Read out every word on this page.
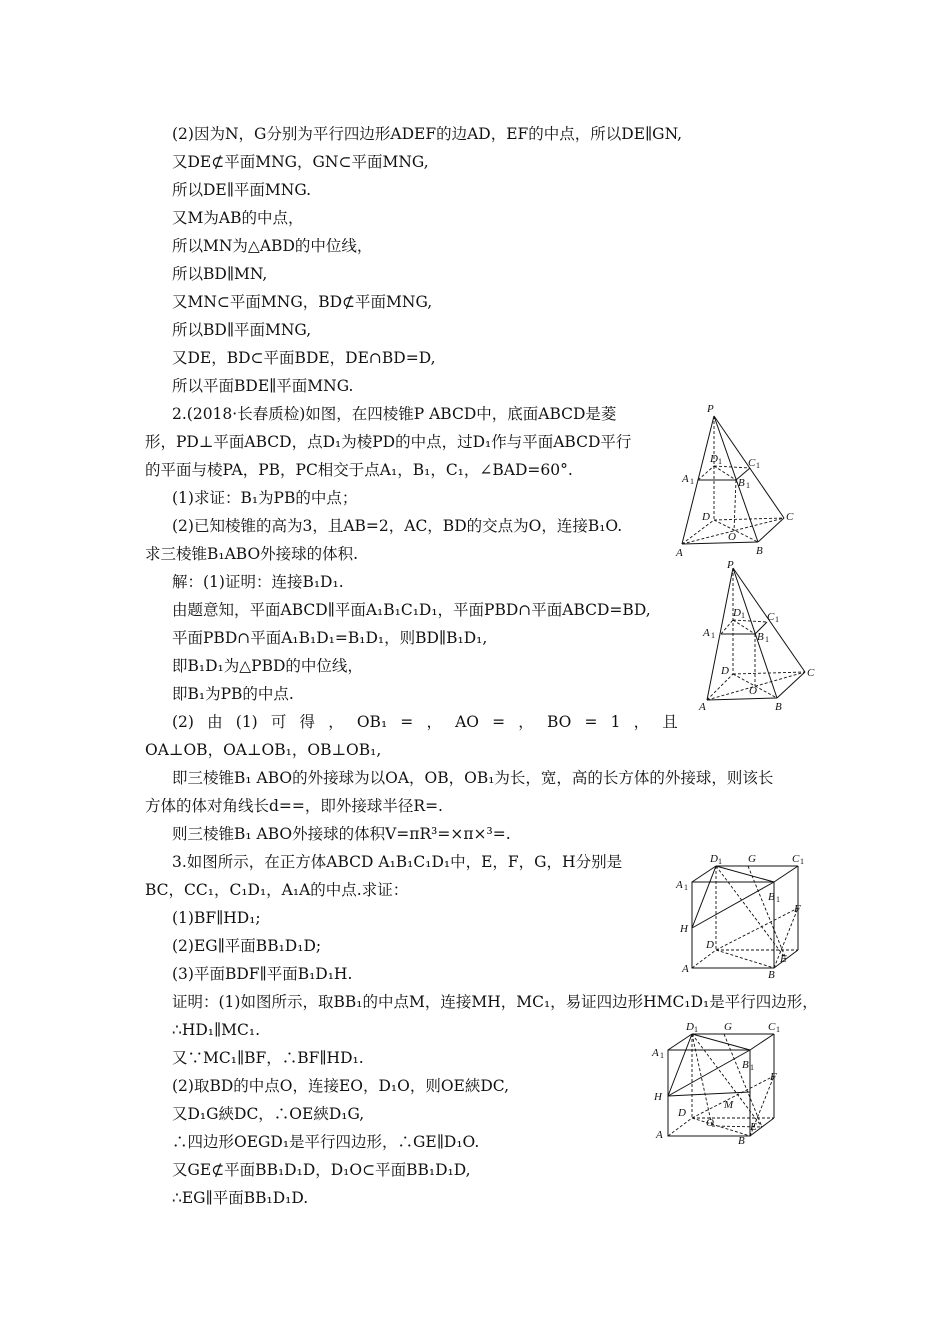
(2)因为N，G分别为平行四边形ADEF的边AD，EF的中点，所以DE∥GN,
又DE⊄平面MNG，GN⊂平面MNG,
所以DE∥平面MNG.
又M为AB的中点，
所以MN为△ABD的中位线，
所以BD∥MN,
又MN⊂平面MNG，BD⊄平面MNG,
所以BD∥平面MNG,
又DE，BD⊂平面BDE，DE∩BD=D,
所以平面BDE∥平面MNG.
2.(2018·长春质检)如图，在四棱锥P ABCD中，底面ABCD是菱
形，PD⊥平面ABCD，点D₁为棱PD的中点，过D₁作与平面ABCD平行
的平面与棱PA，PB，PC相交于点A₁，B₁，C₁，∠BAD=60°.
(1)求证：B₁为PB的中点；
(2)已知棱锥的高为3，且AB=2，AC，BD的交点为O，连接B₁O.
求三棱锥B₁ABO外接球的体积.
解：(1)证明：连接B₁D₁.
由题意知，平面ABCD∥平面A₁B₁C₁D₁，平面PBD∩平面ABCD=BD,
平面PBD∩平面A₁B₁D₁=B₁D₁，则BD∥B₁D₁,
即B₁D₁为△PBD的中位线，
即B₁为PB的中点.
(2) 由 (1) 可 得 ， OB₁ = ， AO = ， BO = 1 ， 且
OA⊥OB，OA⊥OB₁，OB⊥OB₁,
即三棱锥B₁ ABO的外接球为以OA，OB，OB₁为长，宽，高的长方体的外接球，则该长
方体的体对角线长d==，即外接球半径R=.
则三棱锥B₁ ABO外接球的体积V=πR³=×π×³=.
3.如图所示，在正方体ABCD A₁B₁C₁D₁中，E，F，G，H分别是
BC，CC₁，C₁D₁，A₁A的中点.求证：
(1)BF∥HD₁;
(2)EG∥平面BB₁D₁D;
(3)平面BDF∥平面B₁D₁H.
证明：(1)如图所示，取BB₁的中点M，连接MH，MC₁，易证四边形HMC₁D₁是平行四边形，
∴HD₁∥MC₁.
又∵MC₁∥BF，∴BF∥HD₁.
(2)取BD的中点O，连接EO，D₁O，则OE綊DC,
又D₁G綊DC，∴OE綊D₁G,
∴四边形OEGD₁是平行四边形，∴GE∥D₁O.
又GE⊄平面BB₁D₁D，D₁O⊂平面BB₁D₁D,
∴EG∥平面BB₁D₁D.
P
D 1 C 1
A 1	B 1
D	C
O
A	B
P
D 1 C 1
A 1	B 1
D	C
O
A	B
D 1 G	C 1
A 1
B 1
F
H
D
E
A	B
D 1 G	C 1
A 1
B 1
F
H
D
M
O	E
A	B
